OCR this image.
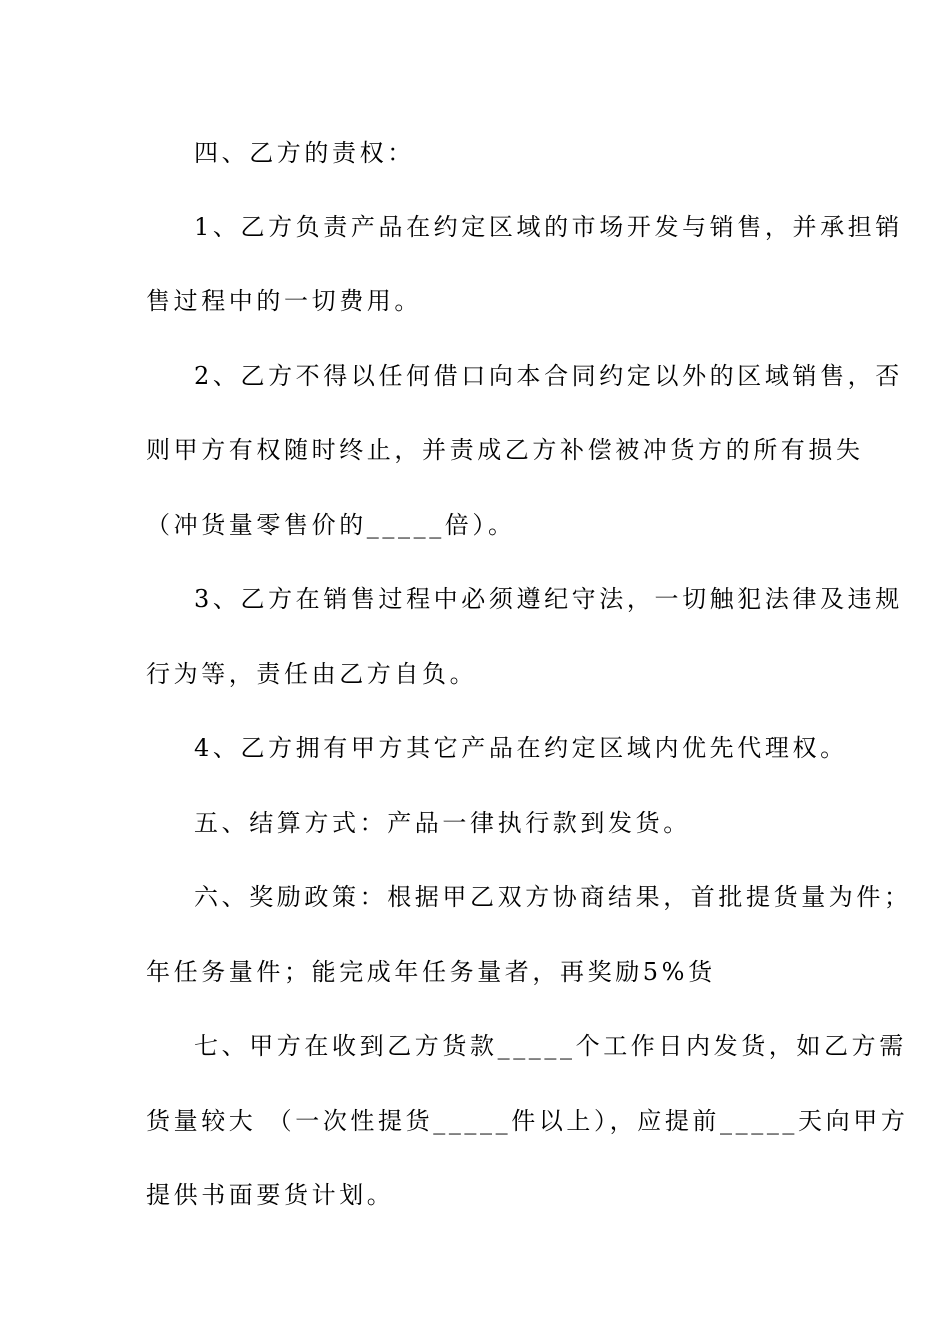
四、乙方的责权：
1、乙方负责产品在约定区域的市场开发与销售，并承担销
售过程中的一切费用。
2、乙方不得以任何借口向本合同约定以外的区域销售，否
则甲方有权随时终止，并责成乙方补偿被冲货方的所有损失
（冲货量零售价的_____倍）。
3、乙方在销售过程中必须遵纪守法，一切触犯法律及违规
行为等，责任由乙方自负。
4、乙方拥有甲方其它产品在约定区域内优先代理权。
五、结算方式：产品一律执行款到发货。
六、奖励政策：根据甲乙双方协商结果，首批提货量为件；
年任务量件；能完成年任务量者，再奖励5%货
七、甲方在收到乙方货款_____个工作日内发货，如乙方需
货量较大 （一次性提货_____件以上），应提前_____天向甲方
提供书面要货计划。
